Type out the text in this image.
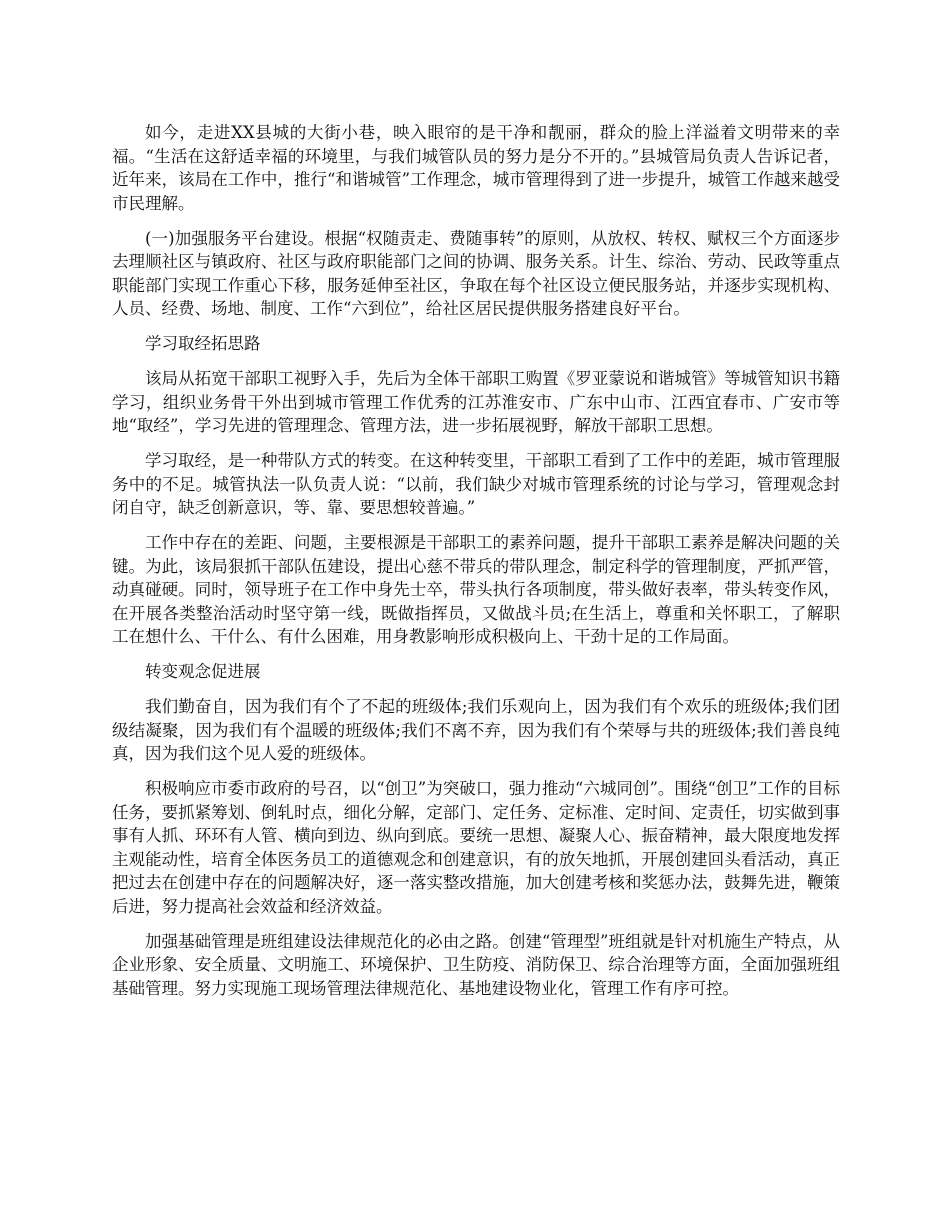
如今，走进XX县城的大街小巷，映入眼帘的是干净和靓丽，群众的脸上洋溢着文明带来的幸福。“生活在这舒适幸福的环境里，与我们城管队员的努力是分不开的。”县城管局负责人告诉记者，近年来，该局在工作中，推行“和谐城管”工作理念，城市管理得到了进一步提升，城管工作越来越受市民理解。

(一)加强服务平台建设。根据“权随责走、费随事转”的原则，从放权、转权、赋权三个方面逐步去理顺社区与镇政府、社区与政府职能部门之间的协调、服务关系。计生、综治、劳动、民政等重点职能部门实现工作重心下移，服务延伸至社区，争取在每个社区设立便民服务站，并逐步实现机构、人员、经费、场地、制度、工作“六到位”，给社区居民提供服务搭建良好平台。

学习取经拓思路

该局从拓宽干部职工视野入手，先后为全体干部职工购置《罗亚蒙说和谐城管》等城管知识书籍学习，组织业务骨干外出到城市管理工作优秀的江苏淮安市、广东中山市、江西宜春市、广安市等地“取经”，学习先进的管理理念、管理方法，进一步拓展视野，解放干部职工思想。

学习取经，是一种带队方式的转变。在这种转变里，干部职工看到了工作中的差距，城市管理服务中的不足。城管执法一队负责人说：“以前，我们缺少对城市管理系统的讨论与学习，管理观念封闭自守，缺乏创新意识，等、靠、要思想较普遍。”

工作中存在的差距、问题，主要根源是干部职工的素养问题，提升干部职工素养是解决问题的关键。为此，该局狠抓干部队伍建设，提出心慈不带兵的带队理念，制定科学的管理制度，严抓严管，动真碰硬。同时，领导班子在工作中身先士卒，带头执行各项制度，带头做好表率，带头转变作风，在开展各类整治活动时坚守第一线，既做指挥员，又做战斗员;在生活上，尊重和关怀职工，了解职工在想什么、干什么、有什么困难，用身教影响形成积极向上、干劲十足的工作局面。

转变观念促进展

我们勤奋自，因为我们有个了不起的班级体;我们乐观向上，因为我们有个欢乐的班级体;我们团级结凝聚，因为我们有个温暖的班级体;我们不离不弃，因为我们有个荣辱与共的班级体;我们善良纯真，因为我们这个见人爱的班级体。

积极响应市委市政府的号召，以“创卫”为突破口，强力推动“六城同创”。围绕“创卫”工作的目标任务，要抓紧筹划、倒轧时点，细化分解，定部门、定任务、定标准、定时间、定责任，切实做到事事有人抓、环环有人管、横向到边、纵向到底。要统一思想、凝聚人心、振奋精神，最大限度地发挥主观能动性，培育全体医务员工的道德观念和创建意识，有的放矢地抓，开展创建回头看活动，真正把过去在创建中存在的问题解决好，逐一落实整改措施，加大创建考核和奖惩办法，鼓舞先进，鞭策后进，努力提高社会效益和经济效益。

加强基础管理是班组建设法律规范化的必由之路。创建“管理型”班组就是针对机施生产特点，从企业形象、安全质量、文明施工、环境保护、卫生防疫、消防保卫、综合治理等方面，全面加强班组基础管理。努力实现施工现场管理法律规范化、基地建设物业化，管理工作有序可控。
